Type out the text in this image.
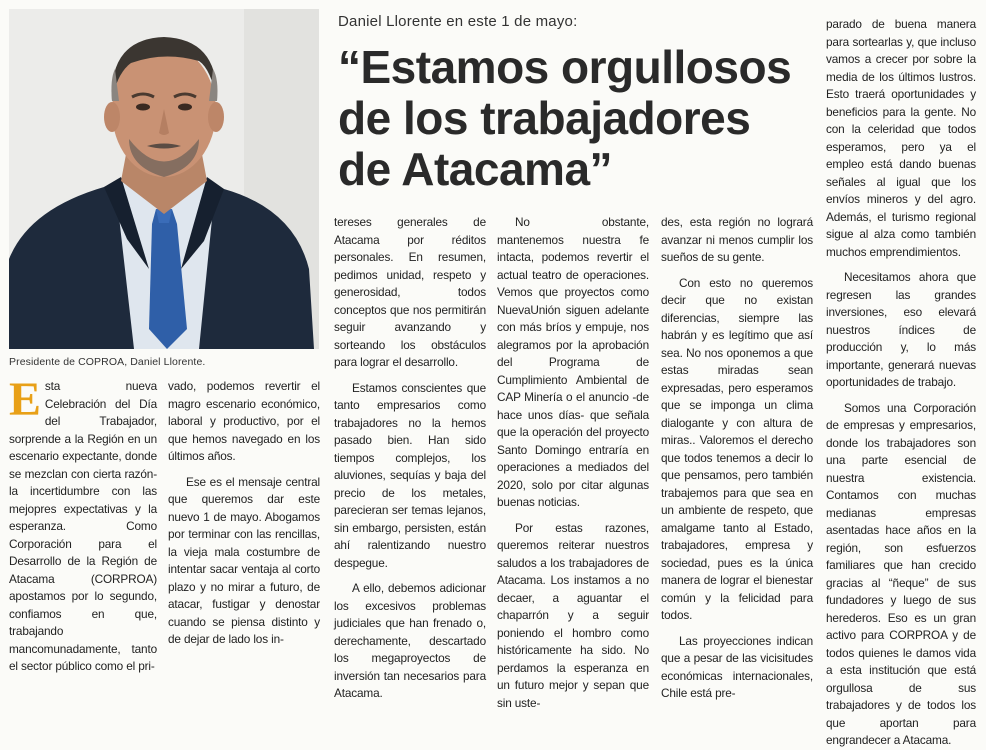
Presidente de COPROA, Daniel Llorente.
Daniel Llorente en este 1 de mayo:
“Estamos orgullosos de los trabajadores de Atacama”

Esta nueva Celebración del Día del Trabajador, sorprende a la Región en un escenario expectante, donde se mezclan con cierta razón- la incertidumbre con las mejopres expectativas y la esperanza. Como Corporación para el Desarrollo de la Región de Atacama (CORPROA) apostamos por lo segundo, confiamos en que, trabajando mancomunadamente, tanto el sector público como el pri-

vado, podemos revertir el magro escenario económico, laboral y productivo, por el que hemos navegado en los últimos años.

Ese es el mensaje central que queremos dar este nuevo 1 de mayo. Abogamos por terminar con las rencillas, la vieja mala costumbre de intentar sacar ventaja al corto plazo y no mirar a futuro, de atacar, fustigar y denostar cuando se piensa distinto y de dejar de lado los in-

tereses generales de Atacama por réditos personales. En resumen, pedimos unidad, respeto y generosidad, todos conceptos que nos permitirán seguir avanzando y sorteando los obstáculos para lograr el desarrollo.

Estamos conscientes que tanto empresarios como trabajadores no la hemos pasado bien. Han sido tiempos complejos, los aluviones, sequías y baja del precio de los metales, parecieran ser temas lejanos, sin embargo, persisten, están ahí ralentizando nuestro despegue.

A ello, debemos adicionar los excesivos problemas judiciales que han frenado o, derechamente, descartado los megaproyectos de inversión tan necesarios para Atacama.

No obstante, mantenemos nuestra fe intacta, podemos revertir el actual teatro de operaciones. Vemos que proyectos como NuevaUnión siguen adelante con más bríos y empuje, nos alegramos por la aprobación del Programa de Cumplimiento Ambiental de CAP Minería o el anuncio -de hace unos días- que señala que la operación del proyecto Santo Domingo entraría en operaciones a mediados del 2020, solo por citar algunas buenas noticias.

Por estas razones, queremos reiterar nuestros saludos a los trabajadores de Atacama. Los instamos a no decaer, a aguantar el chaparrón y a seguir poniendo el hombro como históricamente ha sido. No perdamos la esperanza en un futuro mejor y sepan que sin uste-

des, esta región no logrará avanzar ni menos cumplir los sueños de su gente.

Con esto no queremos decir que no existan diferencias, siempre las habrán y es legítimo que así sea. No nos oponemos a que estas miradas sean expresadas, pero esperamos que se imponga un clima dialogante y con altura de miras.. Valoremos el derecho que todos tenemos a decir lo que pensamos, pero también trabajemos para que sea en un ambiente de respeto, que amalgame tanto al Estado, trabajadores, empresa y sociedad, pues es la única manera de lograr el bienestar común y la felicidad para todos.

Las proyecciones indican que a pesar de las vicisitudes económicas internacionales, Chile está pre-

parado de buena manera para sortearlas y, que incluso vamos a crecer por sobre la media de los últimos lustros. Esto traerá oportunidades y beneficios para la gente. No con la celeridad que todos esperamos, pero ya el empleo está dando buenas señales al igual que los envíos mineros y del agro. Además, el turismo regional sigue al alza como también muchos emprendimientos.

Necesitamos ahora que regresen las grandes inversiones, eso elevará nuestros índices de producción y, lo más importante, generará nuevas oportunidades de trabajo.

Somos una Corporación de empresas y empresarios, donde los trabajadores son una parte esencial de nuestra existencia. Contamos con muchas medianas empresas asentadas hace años en la región, son esfuerzos familiares que han crecido gracias al “ñeque” de sus fundadores y luego de sus herederos. Eso es un gran activo para CORPROA y de todos quienes le damos vida a esta institución que está orgullosa de sus trabajadores y de todos los que aportan para engrandecer a Atacama.
